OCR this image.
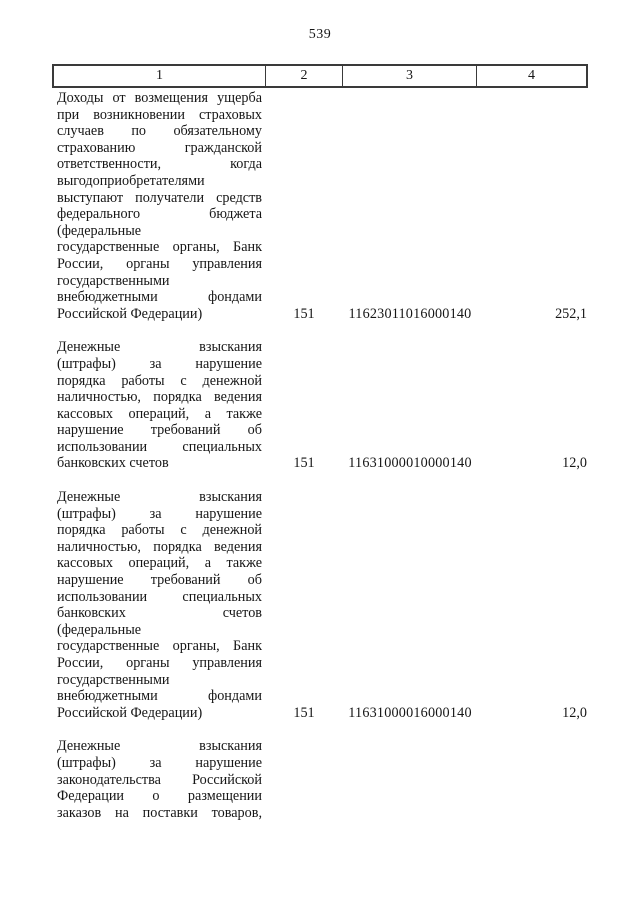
539
1	2	3	4
Доходы от возмещения ущерба
при возникновении страховых
случаев по обязательному
страхованию гражданской
ответственности, когда
выгодоприобретателями
выступают получатели средств
федерального бюджета
(федеральные
государственные органы, Банк
России, органы управления
государственными
внебюджетными фондами
Российской Федерации)	151	11623011016000140	252,1
Денежные взыскания
(штрафы) за нарушение
порядка работы с денежной
наличностью, порядка ведения
кассовых операций, а также
нарушение требований об
использовании специальных
банковских счетов	151	11631000010000140	12,0
Денежные взыскания
(штрафы) за нарушение
порядка работы с денежной
наличностью, порядка ведения
кассовых операций, а также
нарушение требований об
использовании специальных
банковских счетов
(федеральные
государственные органы, Банк
России, органы управления
государственными
внебюджетными фондами
Российской Федерации)	151	11631000016000140	12,0
Денежные взыскания
(штрафы) за нарушение
законодательства Российской
Федерации о размещении
заказов на поставки товаров,
